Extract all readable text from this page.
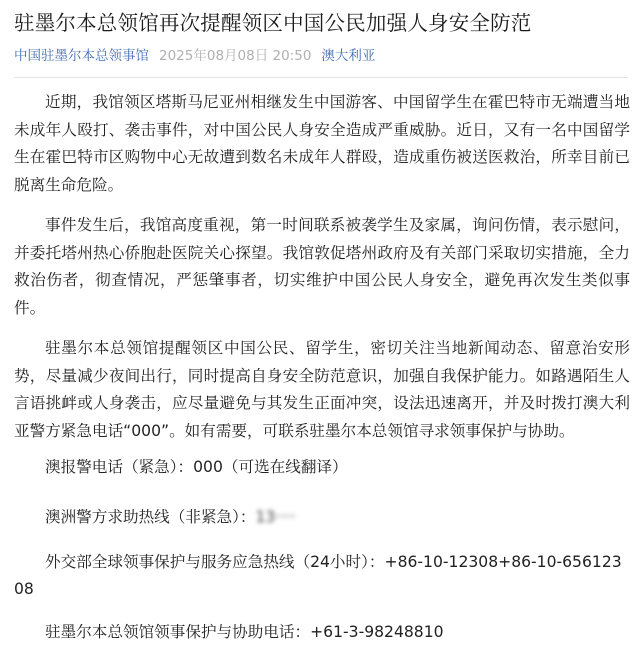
驻墨尔本总领馆再次提醒领区中国公民加强人身安全防范
中国驻墨尔本总领事馆 2025年08月08日 20:50 澳大利亚

近期，我馆领区塔斯马尼亚州相继发生中国游客、中国留学生在霍巴特市无端遭当地未成年人殴打、袭击事件，对中国公民人身安全造成严重威胁。近日，又有一名中国留学生在霍巴特市区购物中心无故遭到数名未成年人群殴，造成重伤被送医救治，所幸目前已脱离生命危险。

事件发生后，我馆高度重视，第一时间联系被袭学生及家属，询问伤情，表示慰问，并委托塔州热心侨胞赴医院关心探望。我馆敦促塔州政府及有关部门采取切实措施，全力救治伤者，彻查情况，严惩肇事者，切实维护中国公民人身安全，避免再次发生类似事件。

驻墨尔本总领馆提醒领区中国公民、留学生，密切关注当地新闻动态、留意治安形势，尽量减少夜间出行，同时提高自身安全防范意识，加强自我保护能力。如路遇陌生人言语挑衅或人身袭击，应尽量避免与其发生正面冲突，设法迅速离开，并及时拨打澳大利亚警方紧急电话“000”。如有需要，可联系驻墨尔本总领馆寻求领事保护与协助。

澳报警电话（紧急）：000（可选在线翻译）

澳洲警方求助热线（非紧急）：13‧‧‧‧

外交部全球领事保护与服务应急热线（24小时）：+86-10-12308+86-10-65612308

驻墨尔本总领馆领事保护与协助电话：+61-3-98248810
